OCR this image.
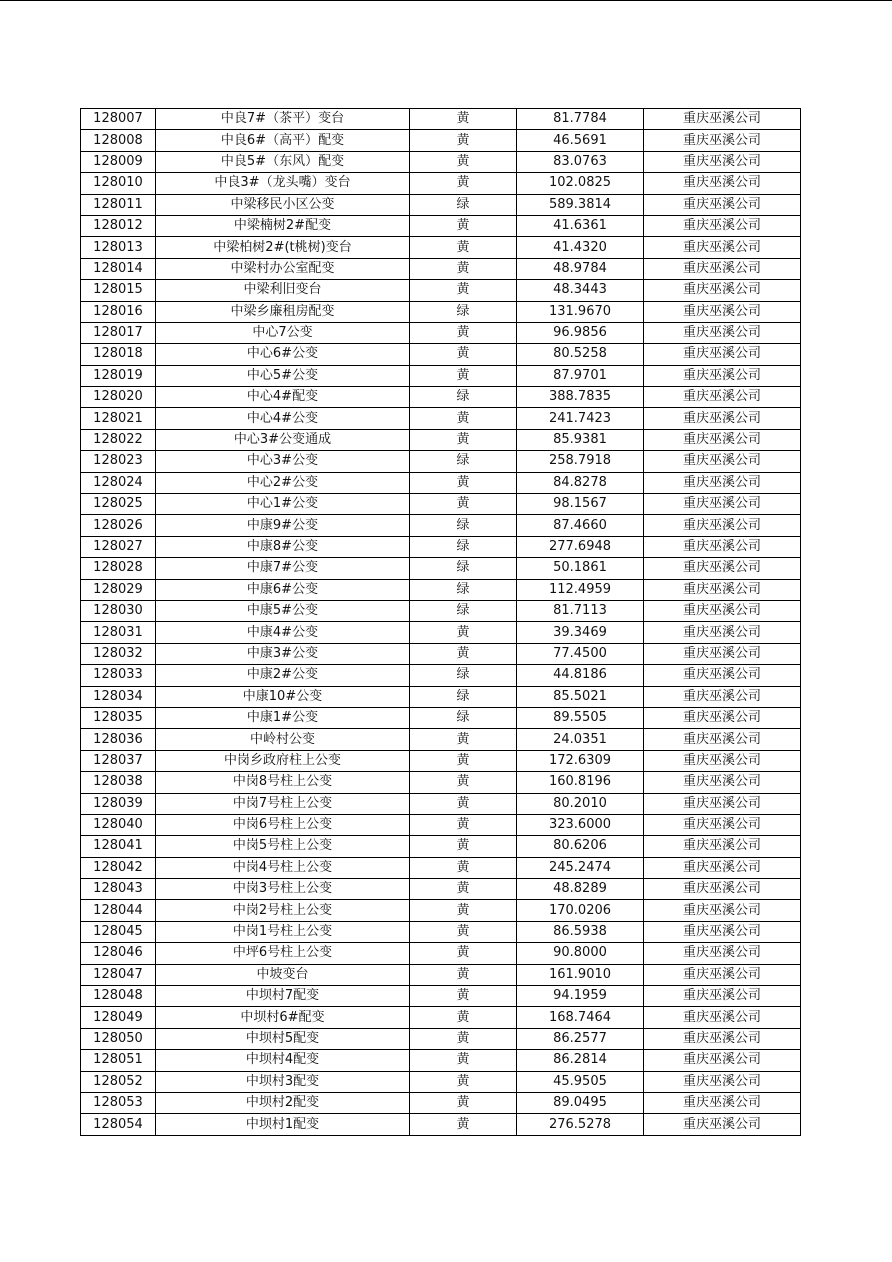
128007	中良7#（茶平）变台	黄	81.7784	重庆巫溪公司
128008	中良6#（高平）配变	黄	46.5691	重庆巫溪公司
128009	中良5#（东风）配变	黄	83.0763	重庆巫溪公司
128010	中良3#（龙头嘴）变台	黄	102.0825	重庆巫溪公司
128011	中梁移民小区公变	绿	589.3814	重庆巫溪公司
128012	中梁楠树2#配变	黄	41.6361	重庆巫溪公司
128013	中梁柏树2#(t桃树)变台	黄	41.4320	重庆巫溪公司
128014	中梁村办公室配变	黄	48.9784	重庆巫溪公司
128015	中梁利旧变台	黄	48.3443	重庆巫溪公司
128016	中梁乡廉租房配变	绿	131.9670	重庆巫溪公司
128017	中心7公变	黄	96.9856	重庆巫溪公司
128018	中心6#公变	黄	80.5258	重庆巫溪公司
128019	中心5#公变	黄	87.9701	重庆巫溪公司
128020	中心4#配变	绿	388.7835	重庆巫溪公司
128021	中心4#公变	黄	241.7423	重庆巫溪公司
128022	中心3#公变通成	黄	85.9381	重庆巫溪公司
128023	中心3#公变	绿	258.7918	重庆巫溪公司
128024	中心2#公变	黄	84.8278	重庆巫溪公司
128025	中心1#公变	黄	98.1567	重庆巫溪公司
128026	中康9#公变	绿	87.4660	重庆巫溪公司
128027	中康8#公变	绿	277.6948	重庆巫溪公司
128028	中康7#公变	绿	50.1861	重庆巫溪公司
128029	中康6#公变	绿	112.4959	重庆巫溪公司
128030	中康5#公变	绿	81.7113	重庆巫溪公司
128031	中康4#公变	黄	39.3469	重庆巫溪公司
128032	中康3#公变	黄	77.4500	重庆巫溪公司
128033	中康2#公变	绿	44.8186	重庆巫溪公司
128034	中康10#公变	绿	85.5021	重庆巫溪公司
128035	中康1#公变	绿	89.5505	重庆巫溪公司
128036	中岭村公变	黄	24.0351	重庆巫溪公司
128037	中岗乡政府柱上公变	黄	172.6309	重庆巫溪公司
128038	中岗8号柱上公变	黄	160.8196	重庆巫溪公司
128039	中岗7号柱上公变	黄	80.2010	重庆巫溪公司
128040	中岗6号柱上公变	黄	323.6000	重庆巫溪公司
128041	中岗5号柱上公变	黄	80.6206	重庆巫溪公司
128042	中岗4号柱上公变	黄	245.2474	重庆巫溪公司
128043	中岗3号柱上公变	黄	48.8289	重庆巫溪公司
128044	中岗2号柱上公变	黄	170.0206	重庆巫溪公司
128045	中岗1号柱上公变	黄	86.5938	重庆巫溪公司
128046	中坪6号柱上公变	黄	90.8000	重庆巫溪公司
128047	中坡变台	黄	161.9010	重庆巫溪公司
128048	中坝村7配变	黄	94.1959	重庆巫溪公司
128049	中坝村6#配变	黄	168.7464	重庆巫溪公司
128050	中坝村5配变	黄	86.2577	重庆巫溪公司
128051	中坝村4配变	黄	86.2814	重庆巫溪公司
128052	中坝村3配变	黄	45.9505	重庆巫溪公司
128053	中坝村2配变	黄	89.0495	重庆巫溪公司
128054	中坝村1配变	黄	276.5278	重庆巫溪公司
